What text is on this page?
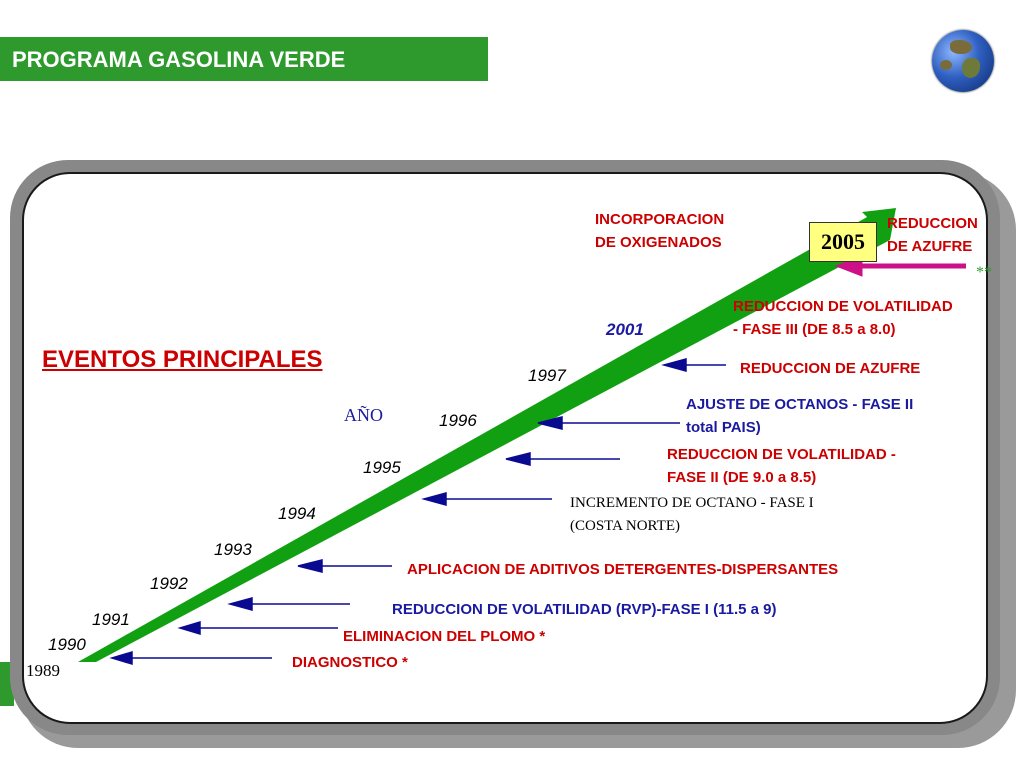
PROGRAMA GASOLINA VERDE
EVENTOS PRINCIPALES
AÑO
1989
1990
1991
1992
1993
1994
1995
1996
1997
2001
2005
DIAGNOSTICO *
ELIMINACION DEL PLOMO *
REDUCCION DE VOLATILIDAD (RVP)-FASE I (11.5 a 9)
APLICACION DE ADITIVOS DETERGENTES-DISPERSANTES
INCREMENTO DE OCTANO - FASE I
(COSTA NORTE)
REDUCCION DE VOLATILIDAD -
FASE II (DE 9.0 a 8.5)
AJUSTE DE OCTANOS - FASE II
total PAIS)
REDUCCION DE AZUFRE
REDUCCION DE VOLATILIDAD
- FASE III (DE 8.5 a 8.0)
INCORPORACION
DE OXIGENADOS
REDUCCION
DE AZUFRE
**
